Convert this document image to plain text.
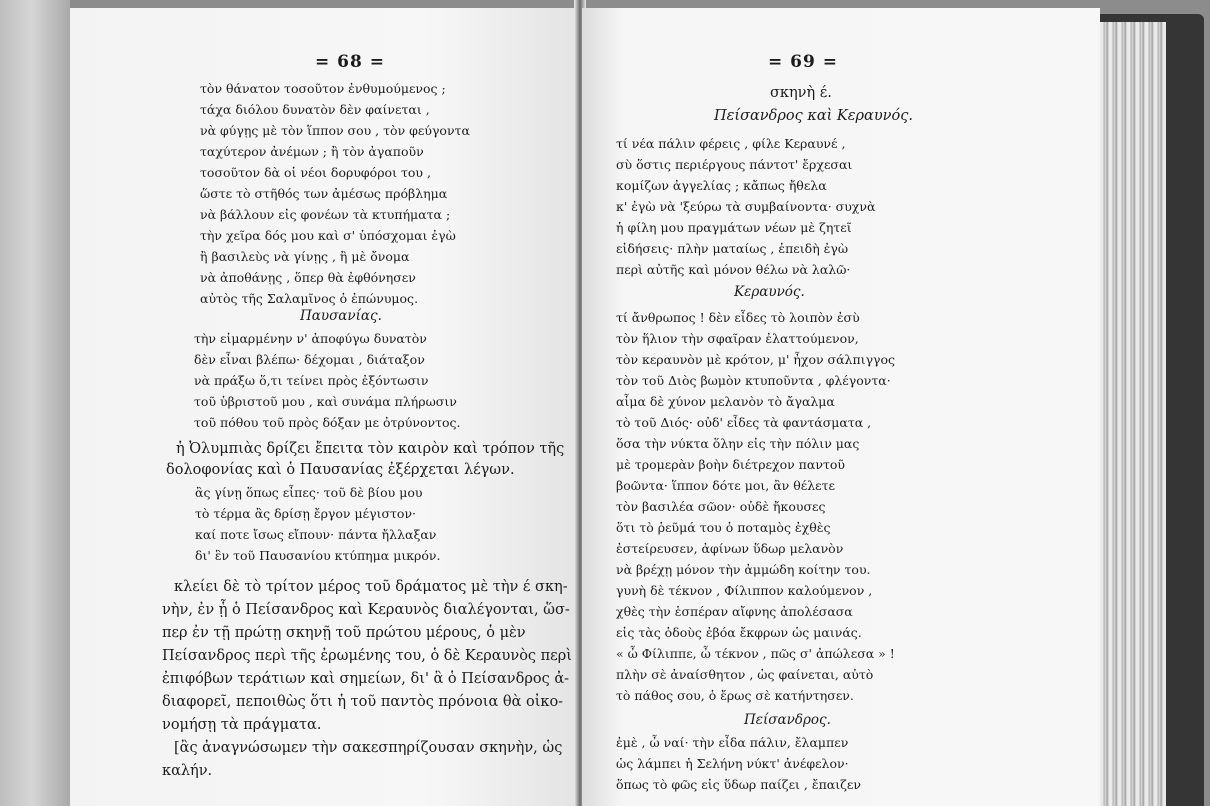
= 68 =
τὸν θάνατον τοσοῦτον ἐνθυμούμενος ;
τάχα διόλου δυνατὸν δὲν φαίνεται ,
νὰ φύγῃς μὲ τὸν ἵππον σου , τὸν φεύγοντα
ταχύτερον ἀνέμων ; ἢ τὸν ἀγαποῦν
τοσοῦτον δὰ οἱ νέοι δορυφόροι του ,
ὥστε τὸ στῆθός των ἀμέσως πρόβλημα
νὰ βάλλουν εἰς φονέων τὰ κτυπήματα ;
τὴν χεῖρα δός μου καὶ σ' ὑπόσχομαι ἐγὼ
ἢ βασιλεὺς νὰ γίνῃς , ἢ μὲ ὄνομα
νὰ ἀποθάνῃς , ὅπερ θὰ ἐφθόνησεν
αὐτὸς τῆς Σαλαμῖνος ὁ ἐπώνυμος.
Παυσανίας.
τὴν εἱμαρμένην ν' ἀποφύγω δυνατὸν
δὲν εἶναι βλέπω· δέχομαι , διάταξον
νὰ πράξω ὅ,τι τείνει πρὸς ἐξόντωσιν
τοῦ ὑβριστοῦ μου , καὶ συνάμα πλήρωσιν
τοῦ πόθου τοῦ πρὸς δόξαν με ὀτρύνοντος.
ἡ Ὀλυμπιὰς δρίζει ἔπειτα τὸν καιρὸν καὶ τρόπον τῆς
δολοφονίας καὶ ὁ Παυσανίας ἐξέρχεται λέγων.
ἂς γίνῃ ὅπως εἶπες· τοῦ δὲ βίου μου
τὸ τέρμα ἂς δρίσῃ ἔργον μέγιστον·
καί ποτε ἴσως εἴπουν· πάντα ἤλλαξαν
δι' ἓν τοῦ Παυσανίου κτύπημα μικρόν.
κλείει δὲ τὸ τρίτον μέρος τοῦ δράματος μὲ τὴν έ σκη-
νὴν, ἐν ᾗ ὁ Πείσανδρος καὶ Κεραυνὸς διαλέγονται, ὥσ-
περ ἐν τῇ πρώτῃ σκηνῇ τοῦ πρώτου μέρους, ὁ μὲν
Πείσανδρος περὶ τῆς ἐρωμένης του, ὁ δὲ Κεραυνὸς περὶ
ἐπιφόβων τεράτιων καὶ σημείων, δι' ἃ ὁ Πείσανδρος ἀ-
διαφορεῖ, πεποιθὼς ὅτι ἡ τοῦ παντὸς πρόνοια θὰ οἰκο-
νομήσῃ τὰ πράγματα.
[ἂς ἀναγνώσωμεν τὴν σακεσπηρίζουσαν σκηνὴν, ὡς
καλήν.
= 69 =
σκηνὴ έ.
Πείσανδρος καὶ Κεραυνός.
τί νέα πάλιν φέρεις , φίλε Κεραυνέ ,
σὺ ὅστις περιέργους πάντοτ' ἔρχεσαι
κομίζων ἀγγελίας ; κἄπως ἤθελα
κ' ἐγὼ νὰ 'ξεύρω τὰ συμβαίνοντα· συχνὰ
ἡ φίλη μου πραγμάτων νέων μὲ ζητεῖ
εἰδήσεις· πλὴν ματαίως , ἐπειδὴ ἐγὼ
περὶ αὐτῆς καὶ μόνον θέλω νὰ λαλῶ·
Κεραυνός.
τί ἄνθρωπος ! δὲν εἶδες τὸ λοιπὸν ἐσὺ
τὸν ἥλιον τὴν σφαῖραν ἐλαττούμενον,
τὸν κεραυνὸν μὲ κρότον, μ' ἦχον σάλπιγγος
τὸν τοῦ Διὸς βωμὸν κτυποῦντα , φλέγοντα·
αἷμα δὲ χύνον μελανὸν τὸ ἄγαλμα
τὸ τοῦ Διός· οὐδ' εἶδες τὰ φαντάσματα ,
ὅσα τὴν νύκτα ὅλην εἰς τὴν πόλιν μας
μὲ τρομερὰν βοὴν διέτρεχον παντοῦ
βοῶντα· ἵππον δότε μοι, ἂν θέλετε
τὸν βασιλέα σῶον· οὐδὲ ἤκουσες
ὅτι τὸ ῥεῦμά του ὁ ποταμὸς ἐχθὲς
ἐστείρευσεν, ἀφίνων ὕδωρ μελανὸν
νὰ βρέχῃ μόνον τὴν ἀμμώδη κοίτην του.
γυνὴ δὲ τέκνον , Φίλιππον καλούμενον ,
χθὲς τὴν ἑσπέραν αἴφνης ἀπολέσασα
εἰς τὰς ὁδοὺς ἐβόα ἔκφρων ὡς μαινάς.
« ὦ Φίλιππε, ὦ τέκνον , πῶς σ' ἀπώλεσα » !
πλὴν σὲ ἀναίσθητον , ὡς φαίνεται, αὐτὸ
τὸ πάθος σου, ὁ ἔρως σὲ κατήντησεν.
Πείσανδρος.
ἐμὲ , ὦ ναί· τὴν εἶδα πάλιν, ἔλαμπεν
ὡς λάμπει ἡ Σελήνη νύκτ' ἀνέφελον·
ὅπως τὸ φῶς εἰς ὕδωρ παίζει , ἔπαιζεν
